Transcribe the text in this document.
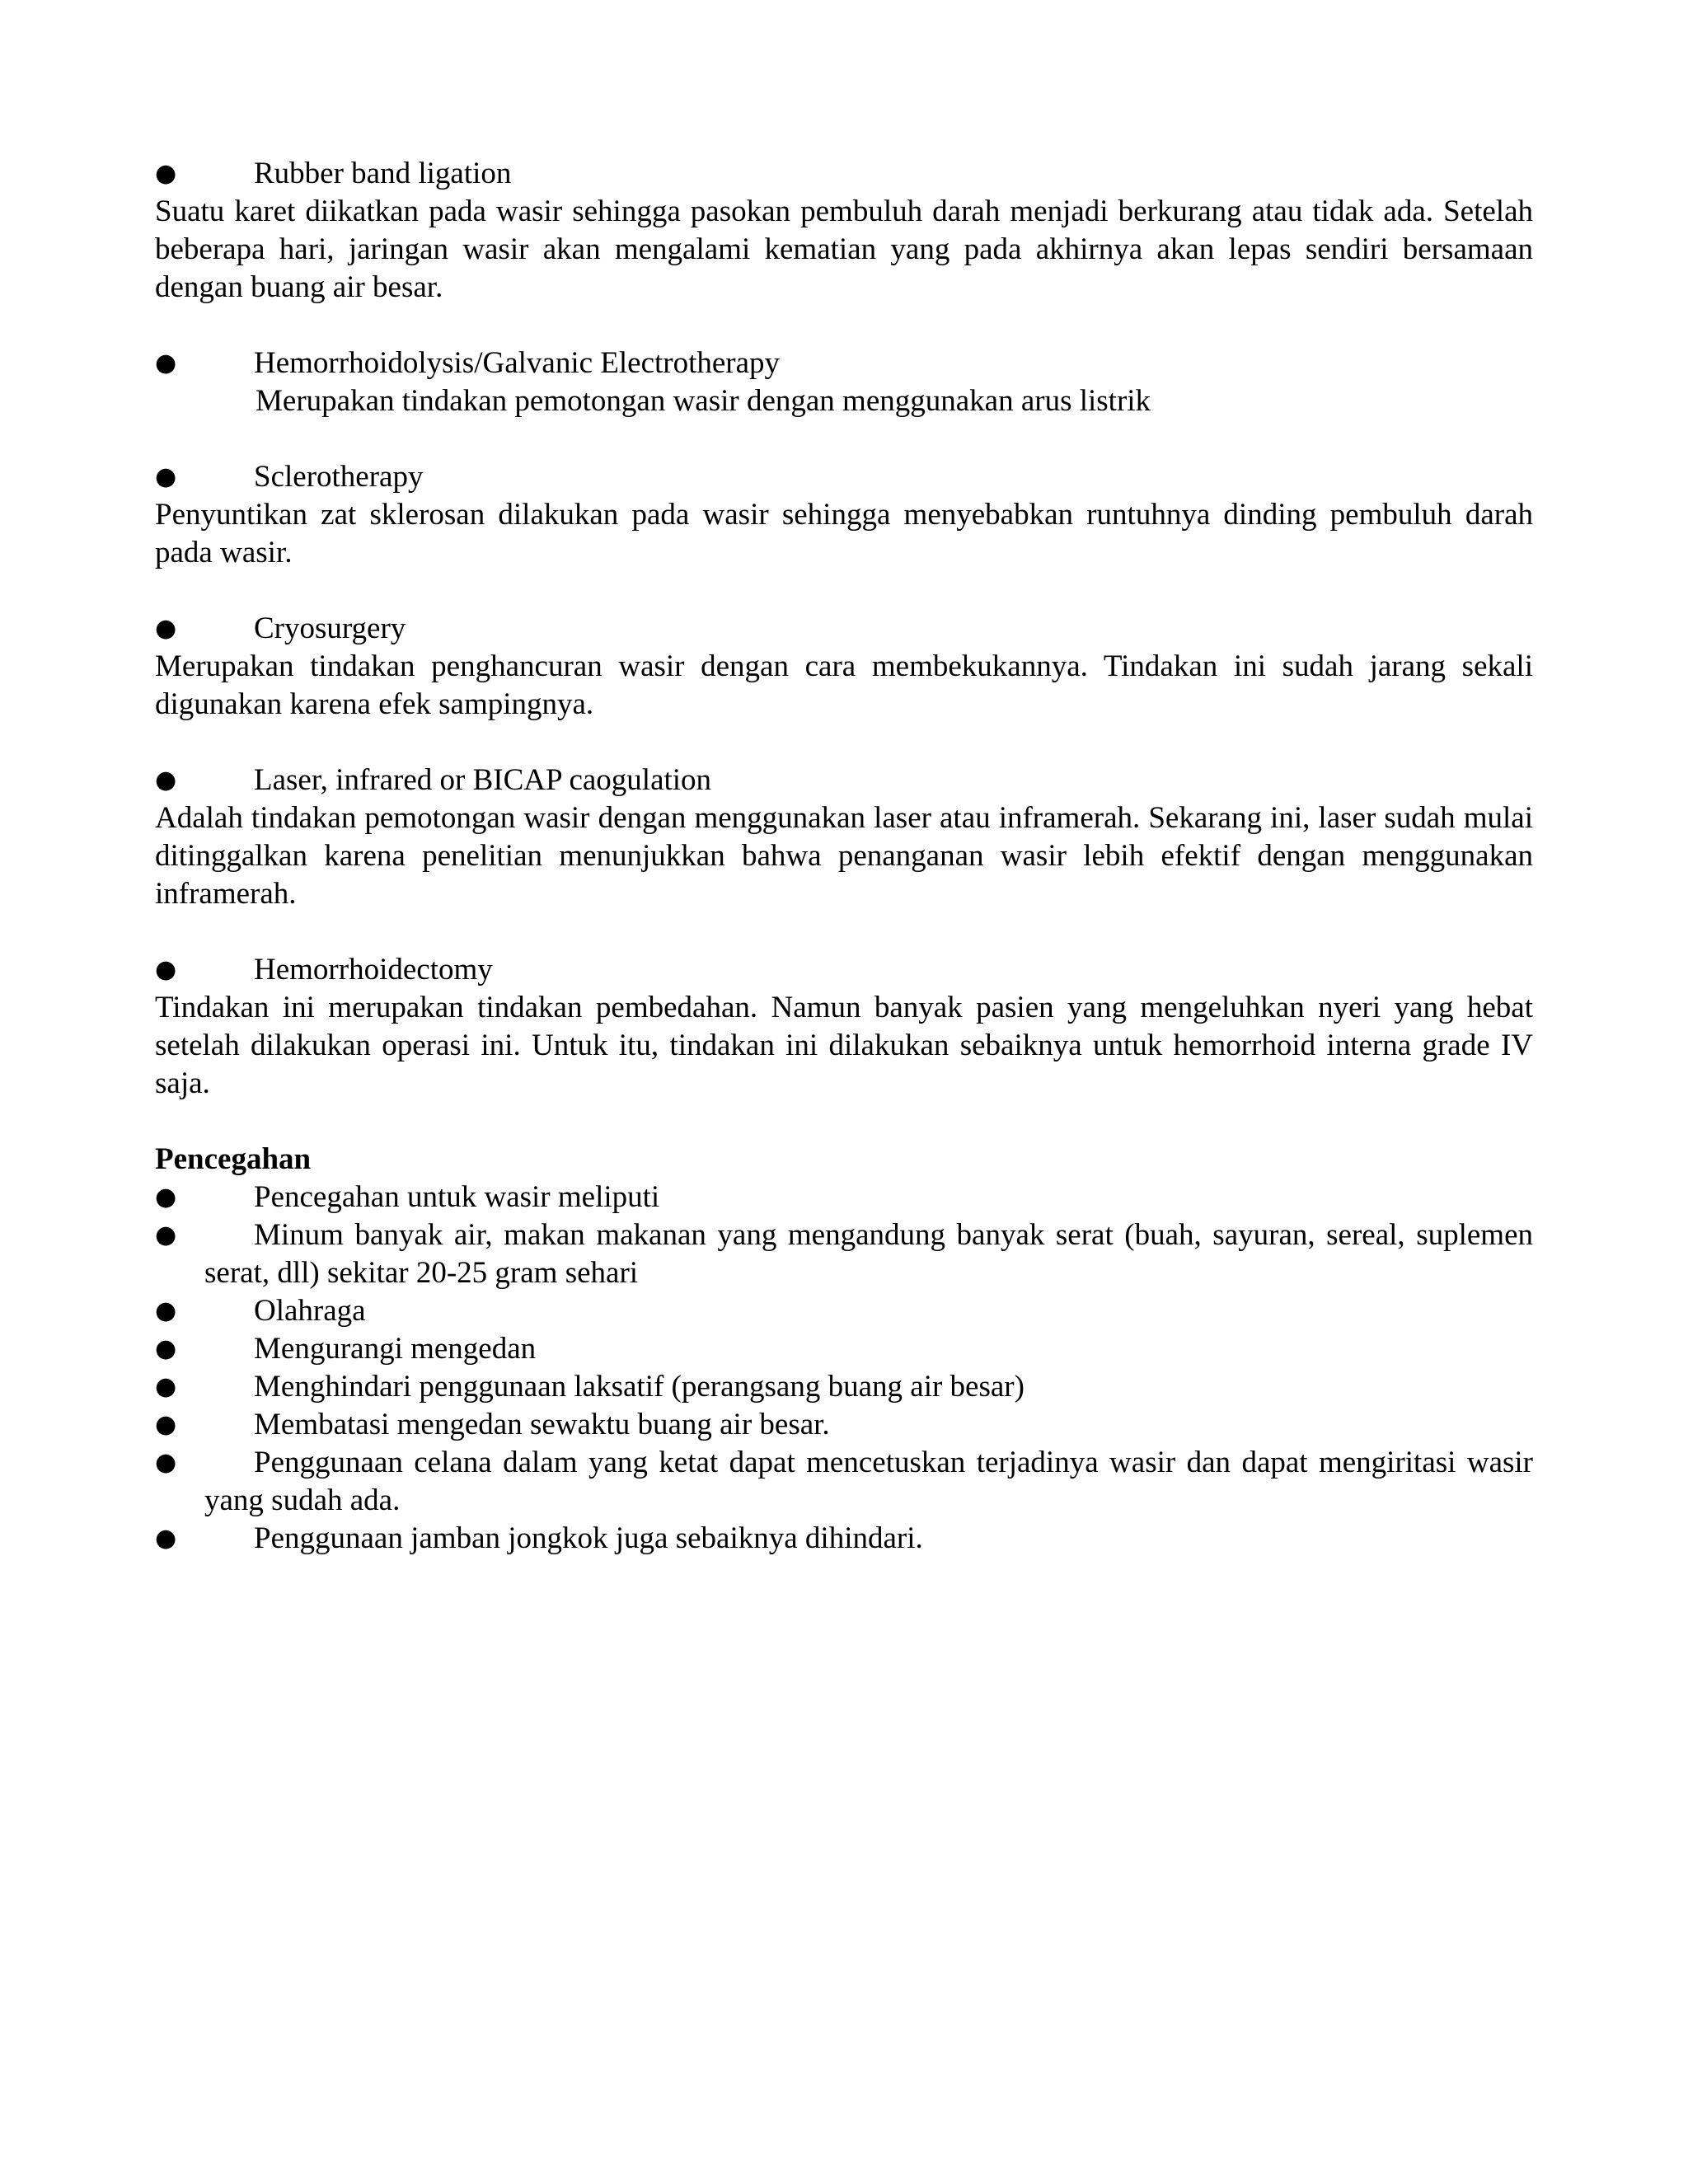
●	Rubber band ligation

Suatu karet diikatkan pada wasir sehingga pasokan pembuluh darah menjadi berkurang atau tidak ada. Setelah beberapa hari, jaringan wasir akan mengalami kematian yang pada akhirnya akan lepas sendiri bersamaan dengan buang air besar.

●	Hemorrhoidolysis/Galvanic Electrotherapy

Merupakan tindakan pemotongan wasir dengan menggunakan arus listrik

●	Sclerotherapy

Penyuntikan zat sklerosan dilakukan pada wasir sehingga menyebabkan runtuhnya dinding pembuluh darah pada wasir.

●	Cryosurgery

Merupakan tindakan penghancuran wasir dengan cara membekukannya. Tindakan ini sudah jarang sekali digunakan karena efek sampingnya.

●	Laser, infrared or BICAP caogulation

Adalah tindakan pemotongan wasir dengan menggunakan laser atau inframerah. Sekarang ini, laser sudah mulai ditinggalkan karena penelitian menunjukkan bahwa penanganan wasir lebih efektif dengan menggunakan inframerah.

●	Hemorrhoidectomy

Tindakan ini merupakan tindakan pembedahan. Namun banyak pasien yang mengeluhkan nyeri yang hebat setelah dilakukan operasi ini. Untuk itu, tindakan ini dilakukan sebaiknya untuk hemorrhoid interna grade IV saja.

Pencegahan

●	Pencegahan untuk wasir meliputi
●	Minum banyak air, makan makanan yang mengandung banyak serat (buah, sayuran, sereal, suplemen serat, dll) sekitar 20-25 gram sehari
●	Olahraga
●	Mengurangi mengedan
●	Menghindari penggunaan laksatif (perangsang buang air besar)
●	Membatasi mengedan sewaktu buang air besar.
●	Penggunaan celana dalam yang ketat dapat mencetuskan terjadinya wasir dan dapat mengiritasi wasir yang sudah ada.
●	Penggunaan jamban jongkok juga sebaiknya dihindari.
